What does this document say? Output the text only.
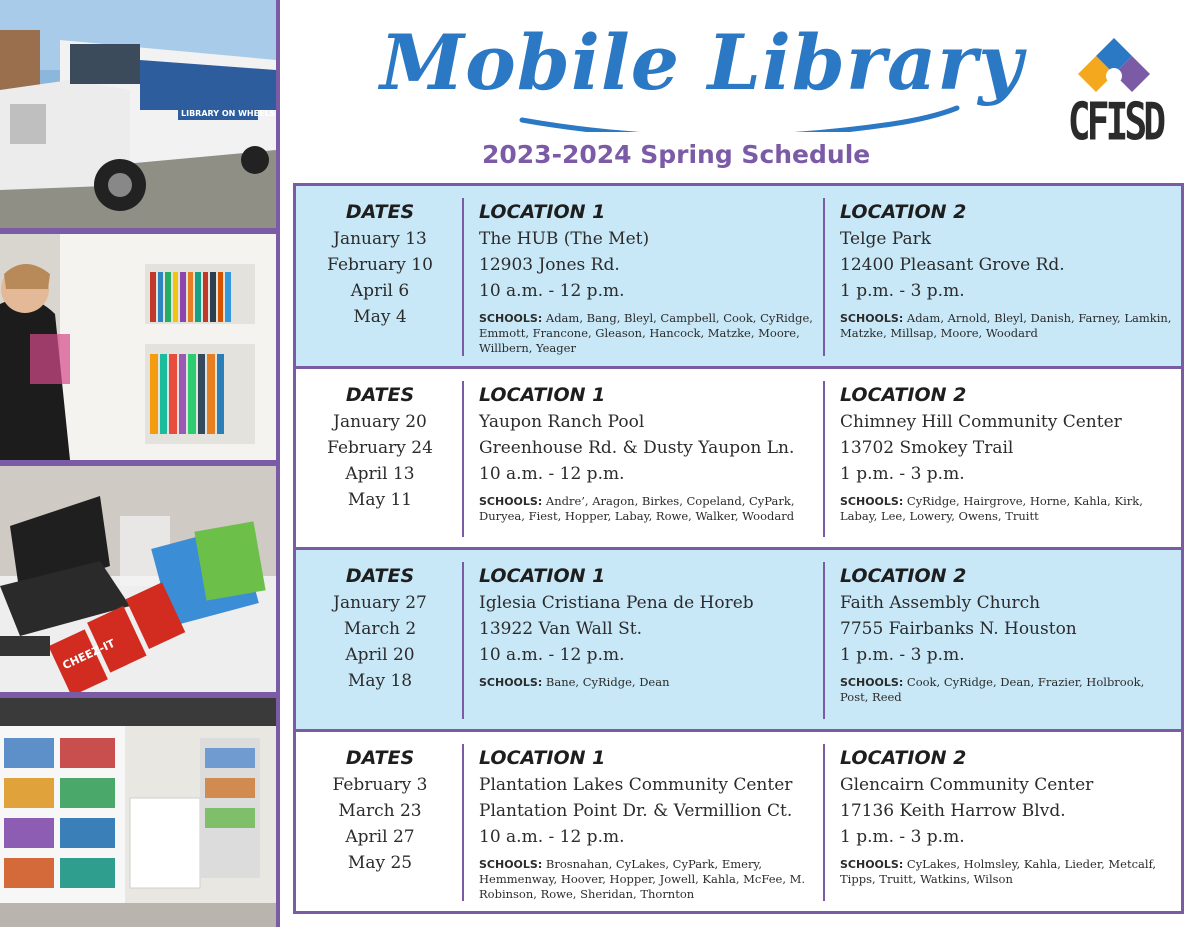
LIBRARY ON WHEELS
CHEEZ-IT
Mobile Library
2023-2024 Spring Schedule
CFISD
DATES
January 13
February 10
April 6
May 4
LOCATION 1
The HUB (The Met)
12903 Jones Rd.
10 a.m. - 12 p.m.
SCHOOLS: Adam, Bang, Bleyl, Campbell, Cook, CyRidge, Emmott, Francone, Gleason, Hancock, Matzke, Moore, Willbern, Yeager
LOCATION 2
Telge Park
12400 Pleasant Grove Rd.
1 p.m. - 3 p.m.
SCHOOLS: Adam, Arnold, Bleyl, Danish, Farney, Lamkin, Matzke, Millsap, Moore, Woodard
DATES
January 20
February 24
April 13
May 11
LOCATION 1
Yaupon Ranch Pool
Greenhouse Rd. & Dusty Yaupon Ln.
10 a.m. - 12 p.m.
SCHOOLS: Andre’, Aragon, Birkes, Copeland, CyPark, Duryea, Fiest, Hopper, Labay, Rowe, Walker, Woodard
LOCATION 2
Chimney Hill Community Center
13702 Smokey Trail
1 p.m. - 3 p.m.
SCHOOLS: CyRidge, Hairgrove, Horne, Kahla, Kirk, Labay, Lee, Lowery, Owens, Truitt
DATES
January 27
March 2
April 20
May 18
LOCATION 1
Iglesia Cristiana Pena de Horeb
13922 Van Wall St.
10 a.m. - 12 p.m.
SCHOOLS: Bane, CyRidge, Dean
LOCATION 2
Faith Assembly Church
7755 Fairbanks N. Houston
1 p.m. - 3 p.m.
SCHOOLS: Cook, CyRidge, Dean, Frazier, Holbrook, Post, Reed
DATES
February 3
March 23
April 27
May 25
LOCATION 1
Plantation Lakes Community Center
Plantation Point Dr. & Vermillion Ct.
10 a.m. - 12 p.m.
SCHOOLS: Brosnahan, CyLakes, CyPark, Emery, Hemmenway, Hoover, Hopper, Jowell, Kahla, McFee, M. Robinson, Rowe, Sheridan, Thornton
LOCATION 2
Glencairn Community Center
17136 Keith Harrow Blvd.
1 p.m. - 3 p.m.
SCHOOLS: CyLakes, Holmsley, Kahla, Lieder, Metcalf, Tipps, Truitt, Watkins, Wilson
